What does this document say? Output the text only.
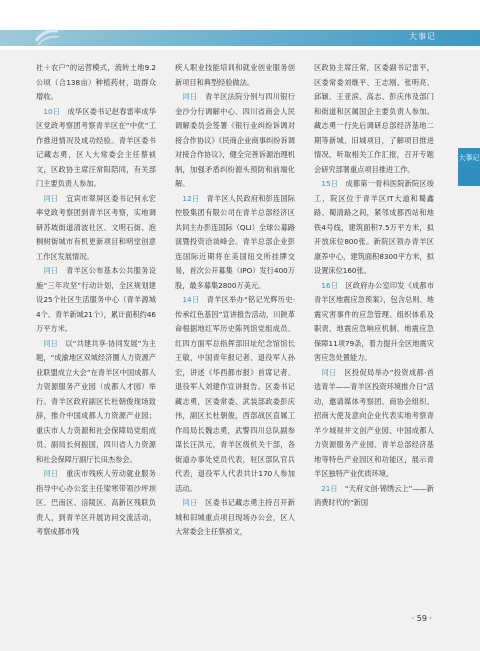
大事记
大事记

社＋农户”的运营模式，流转土地9.2公顷（合138亩）种植药材，助群众增收。

　10日　成华区委书记赵春雷率成华区党政考察团考察青羊区在“中优”工作推进情况及成功经验。青羊区委书记藏志勇，区人大常委会主任蔡祯文，区政协主席汪常阳陪同，有关部门主要负责人参加。

　同日　宜宾市翠屏区委书记何永宏率党政考察团到青羊区考察，实地调研苏坡街道清波社区、文明石街、泡桐树街城市有机更新项目和明堂创意工作区发展情况。

　同日　青羊区公布基本公共服务设施“三年攻坚”行动计划，全区规划建设25个社区生活服务中心（青羊源城4个、青羊新城21个），累计面积约46万平方米。

　同日　以“共建共享·协同发展”为主题，“成渝地区双城经济圈人力资源产业联盟成立大会”在青羊区中国成都人力资源服务产业园（成都人才园）举行。青羊区政府副区长杜朝俊现场致辞，推介中国成都人力资源产业园；重庆市人力资源和社会保障局党组成员、副局长何振国，四川省人力资源和社会保障厅副厅长田杰参会。

　同日　重庆市残疾人劳动就业服务指导中心办公室主任梁寒带领沙坪坝区、巴南区、涪陵区、高新区残联负责人，到青羊区开展访问交流活动，考察成都市残

疾人职业技能培训和就业创业服务创新项目和典型经验做法。

　同日　青羊区法院分别与四川银行金沙分行调解中心、四川省商会人民调解委员会签署《银行业纠纷诉调对接合作协议》《民商企业商事纠纷诉调对接合作协议》，健全完善诉源治理机制，加强矛盾纠纷源头预防和前端化解。

　12日　青羊区人民政府和彭连国际控股集团有限公司在青羊总部经济区共同主办彭连国际（QLI）全球公募路演暨投资洽谈峰会。青羊总部企业彭连国际近期将在美国纽交所挂牌交易，首次公开募集（IPO）发行400万股，最多募集2800万美元。

　14日　青羊区举办“铭记光辉历史·传承红色基因”宣讲报告活动，川陕革命根据地红军历史陈列馆党组成员、红四方面军总指挥部旧址纪念馆馆长王敏，中国青年报记者、退役军人孙宏，讲述《华西都市报》首席记者、退役军人刘建作宣讲报告。区委书记藏志勇，区委常委、武装部政委彭庆伟，副区长杜朝俊，西部战区直属工作局局长魏志勇，武警四川总队副参谋长汪洪元，青羊区级机关干部，各街道办事处党员代表，驻区部队官兵代表，退役军人代表共计170人参加活动。

　同日　区委书记藏志勇主持召开新城和旧城重点项目现场办公会，区人大常委会主任蔡祯文，

区政协主席汪常，区委副书记雷平，区委常委刘继平、王志刚、张明亮、邱颖、王亚滨、高志、彭庆伟及部门和街道和区属国企主要负责人参加。藏志勇一行先后调研总部经济基地二期等新城、旧城项目，了解项目推进情况，听取相关工作汇报，召开专题会研究部署重点项目推进工作。

　15日　成都第一骨科医院新院区竣工，院区位于青羊区IT大道和蜀鑫路、蜀清路之间，紧邻成都西站和地铁4号线，建筑面积7.5万平方米，拟开放床位800张。新院区领办青羊区康养中心，建筑面积8300平方米，拟设置床位160张。

　16日　区政府办公室印发《成都市青羊区地震应急预案》，包含总则、地震灾害事件的应急管理、组织体系及职责、地震应急响应机制、地震应急保障11项79条，着力提升全区地震灾害应急处置能力。

　同日　区投促局举办“投资成都·首选青羊——青羊区投资环境推介日”活动，邀请媒体考察团、商协会组织、招商大使及意向企业代表实地考察青羊少城视井文创产业园、中国成都人力资源服务产业园、青羊总部经济基地等特色产业园区和功能区，展示青羊区独特产业优质环境。

　21日　“天府文创·锦绣云上”——新消费时代的“新国

· 59 ·
